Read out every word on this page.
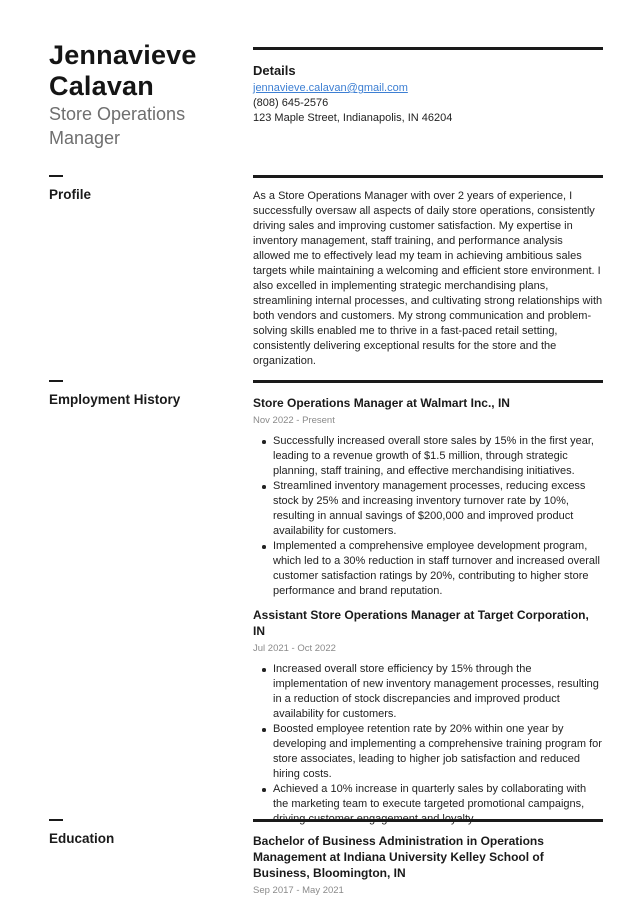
Jennavieve Calavan
Store Operations Manager
Details
jennavieve.calavan@gmail.com
(808) 645-2576
123 Maple Street, Indianapolis, IN 46204
Profile	As a Store Operations Manager with over 2 years of experience, I successfully oversaw all aspects of daily store operations, consistently driving sales and improving customer satisfaction. My expertise in inventory management, staff training, and performance analysis allowed me to effectively lead my team in achieving ambitious sales targets while maintaining a welcoming and efficient store environment. I also excelled in implementing strategic merchandising plans, streamlining internal processes, and cultivating strong relationships with both vendors and customers. My strong communication and problem-solving skills enabled me to thrive in a fast-paced retail setting, consistently delivering exceptional results for the store and the organization.
Employment History	Store Operations Manager at Walmart Inc., IN
Nov 2022 - Present
Successfully increased overall store sales by 15% in the first year, leading to a revenue growth of $1.5 million, through strategic planning, staff training, and effective merchandising initiatives.
Streamlined inventory management processes, reducing excess stock by 25% and increasing inventory turnover rate by 10%, resulting in annual savings of $200,000 and improved product availability for customers.
Implemented a comprehensive employee development program, which led to a 30% reduction in staff turnover and increased overall customer satisfaction ratings by 20%, contributing to higher store performance and brand reputation.
Assistant Store Operations Manager at Target Corporation, IN
Jul 2021 - Oct 2022
Increased overall store efficiency by 15% through the implementation of new inventory management processes, resulting in a reduction of stock discrepancies and improved product availability for customers.
Boosted employee retention rate by 20% within one year by developing and implementing a comprehensive training program for store associates, leading to higher job satisfaction and reduced hiring costs.
Achieved a 10% increase in quarterly sales by collaborating with the marketing team to execute targeted promotional campaigns, driving customer engagement and loyalty.
Education	Bachelor of Business Administration in Operations Management at Indiana University Kelley School of Business, Bloomington, IN
Sep 2017 - May 2021
